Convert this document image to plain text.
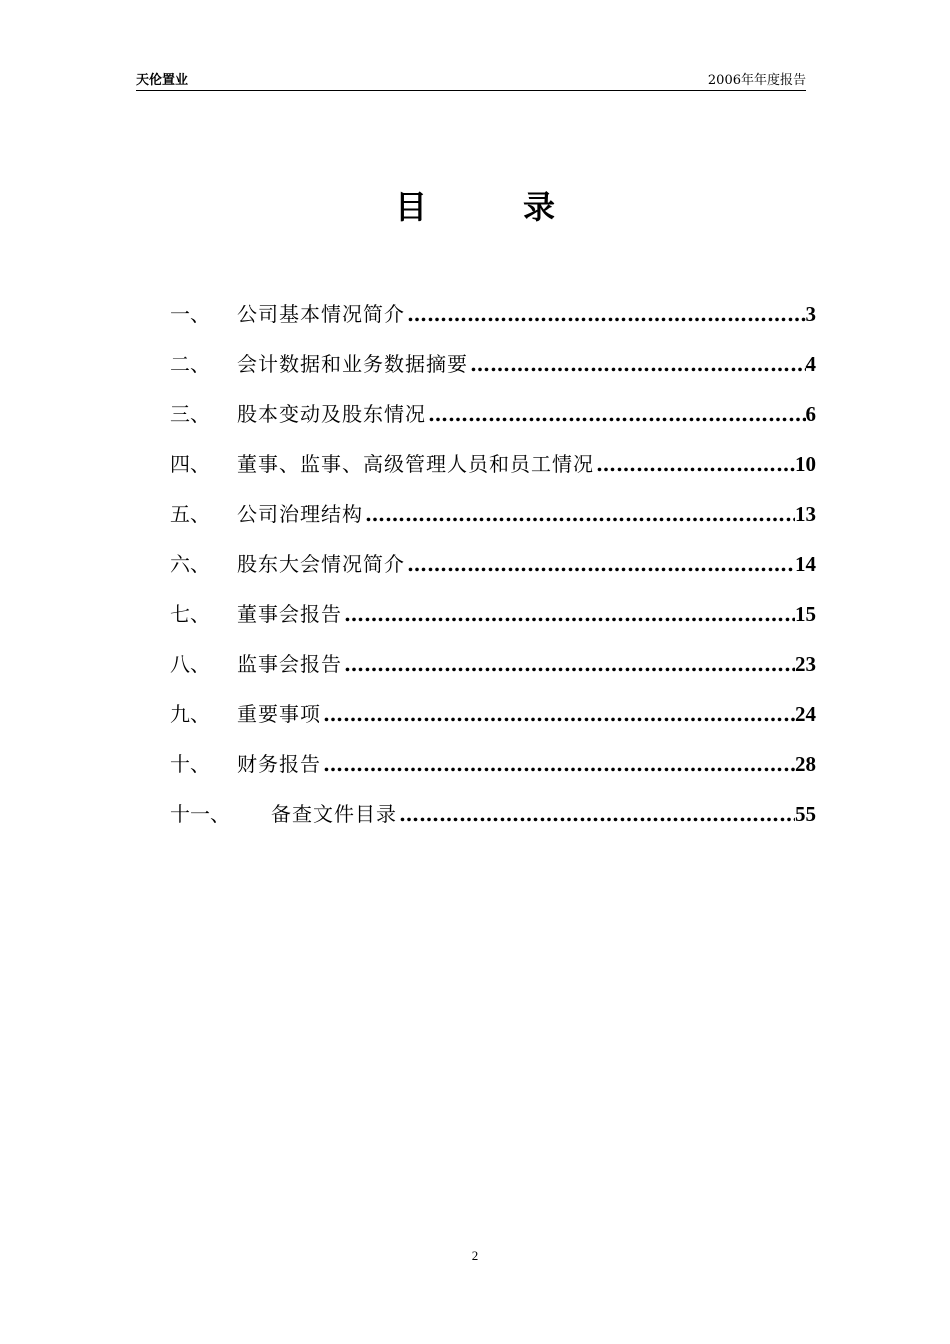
天伦置业	2006年年度报告
目	录
一、	公司基本情况简介 …………………………………………………………………………………………………………………………	3
二、	会计数据和业务数据摘要 …………………………………………………………………………………………………………………………	4
三、	股本变动及股东情况 …………………………………………………………………………………………………………………………	6
四、	董事、监事、高级管理人员和员工情况 …………………………………………………………………………………………………………………………	10
五、	公司治理结构 …………………………………………………………………………………………………………………………	13
六、	股东大会情况简介 …………………………………………………………………………………………………………………………	14
七、	董事会报告 …………………………………………………………………………………………………………………………	15
八、	监事会报告 …………………………………………………………………………………………………………………………	23
九、	重要事项 …………………………………………………………………………………………………………………………	24
十、	财务报告 …………………………………………………………………………………………………………………………	28
十一、	备查文件目录 …………………………………………………………………………………………………………………………	55
2
